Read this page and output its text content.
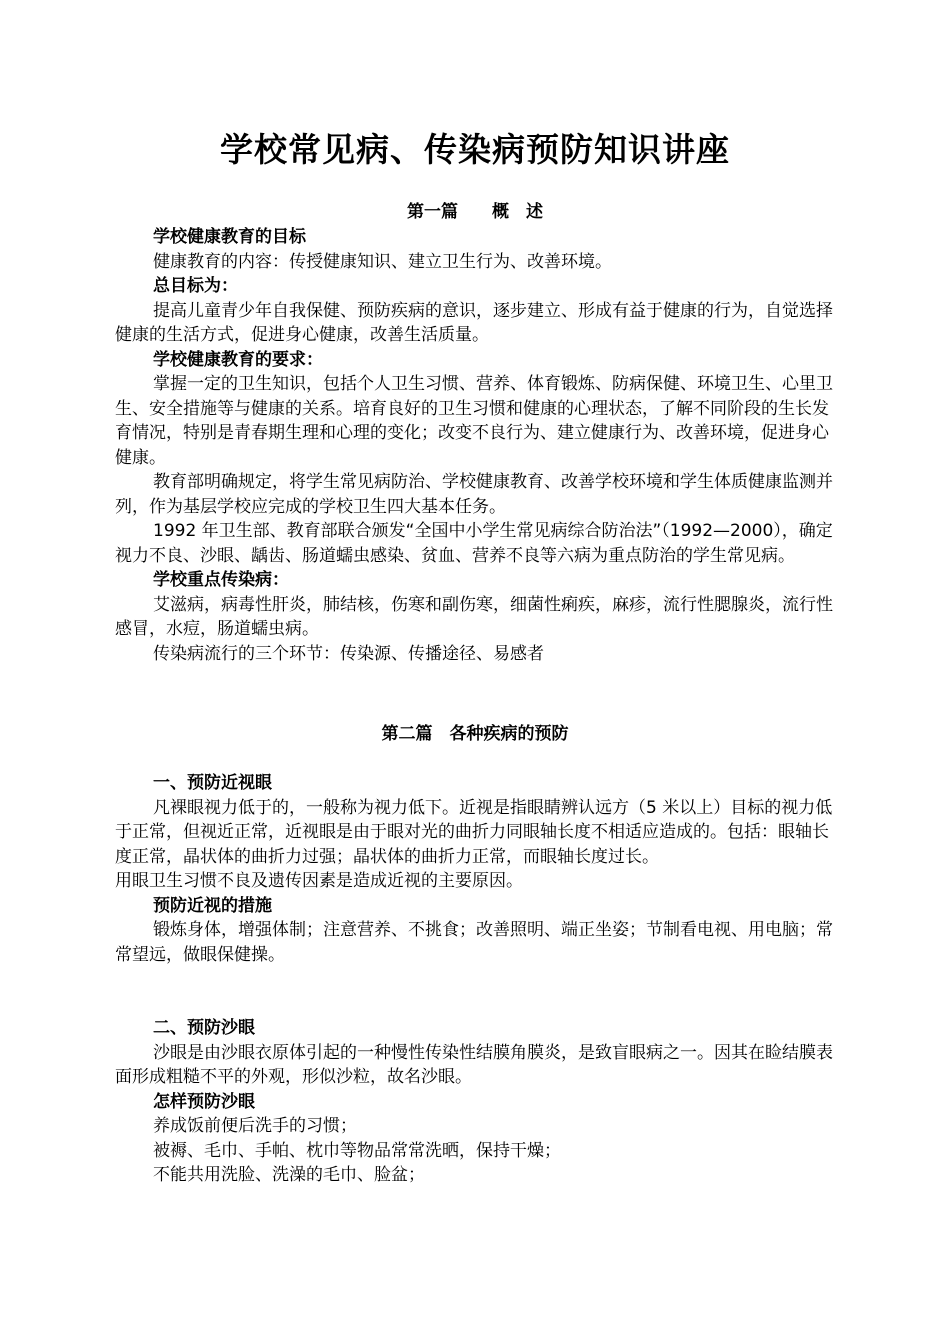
学校常见病、传染病预防知识讲座
第一篇　　概　述

学校健康教育的目标

健康教育的内容：传授健康知识、建立卫生行为、改善环境。

总目标为：

提高儿童青少年自我保健、预防疾病的意识，逐步建立、形成有益于健康的行为，自觉选择健康的生活方式，促进身心健康，改善生活质量。

学校健康教育的要求：

掌握一定的卫生知识，包括个人卫生习惯、营养、体育锻炼、防病保健、环境卫生、心里卫生、安全措施等与健康的关系。培育良好的卫生习惯和健康的心理状态，了解不同阶段的生长发育情况，特别是青春期生理和心理的变化；改变不良行为、建立健康行为、改善环境，促进身心健康。

教育部明确规定，将学生常见病防治、学校健康教育、改善学校环境和学生体质健康监测并列，作为基层学校应完成的学校卫生四大基本任务。

1992 年卫生部、教育部联合颁发“全国中小学生常见病综合防治法”（1992—2000），确定视力不良、沙眼、龋齿、肠道蠕虫感染、贫血、营养不良等六病为重点防治的学生常见病。

学校重点传染病：

艾滋病，病毒性肝炎，肺结核，伤寒和副伤寒，细菌性痢疾，麻疹，流行性腮腺炎，流行性感冒，水痘，肠道蠕虫病。

传染病流行的三个环节：传染源、传播途径、易感者

第二篇　各种疾病的预防

一、预防近视眼

凡裸眼视力低于的，一般称为视力低下。近视是指眼睛辨认远方（5 米以上）目标的视力低于正常，但视近正常，近视眼是由于眼对光的曲折力同眼轴长度不相适应造成的。包括：眼轴长度正常，晶状体的曲折力过强；晶状体的曲折力正常，而眼轴长度过长。

用眼卫生习惯不良及遗传因素是造成近视的主要原因。

预防近视的措施

锻炼身体，增强体制；注意营养、不挑食；改善照明、端正坐姿；节制看电视、用电脑；常常望远，做眼保健操。

二、预防沙眼

沙眼是由沙眼衣原体引起的一种慢性传染性结膜角膜炎，是致盲眼病之一。因其在睑结膜表面形成粗糙不平的外观，形似沙粒，故名沙眼。

怎样预防沙眼

养成饭前便后洗手的习惯；

被褥、毛巾、手帕、枕巾等物品常常洗晒，保持干燥；

不能共用洗脸、洗澡的毛巾、脸盆；
